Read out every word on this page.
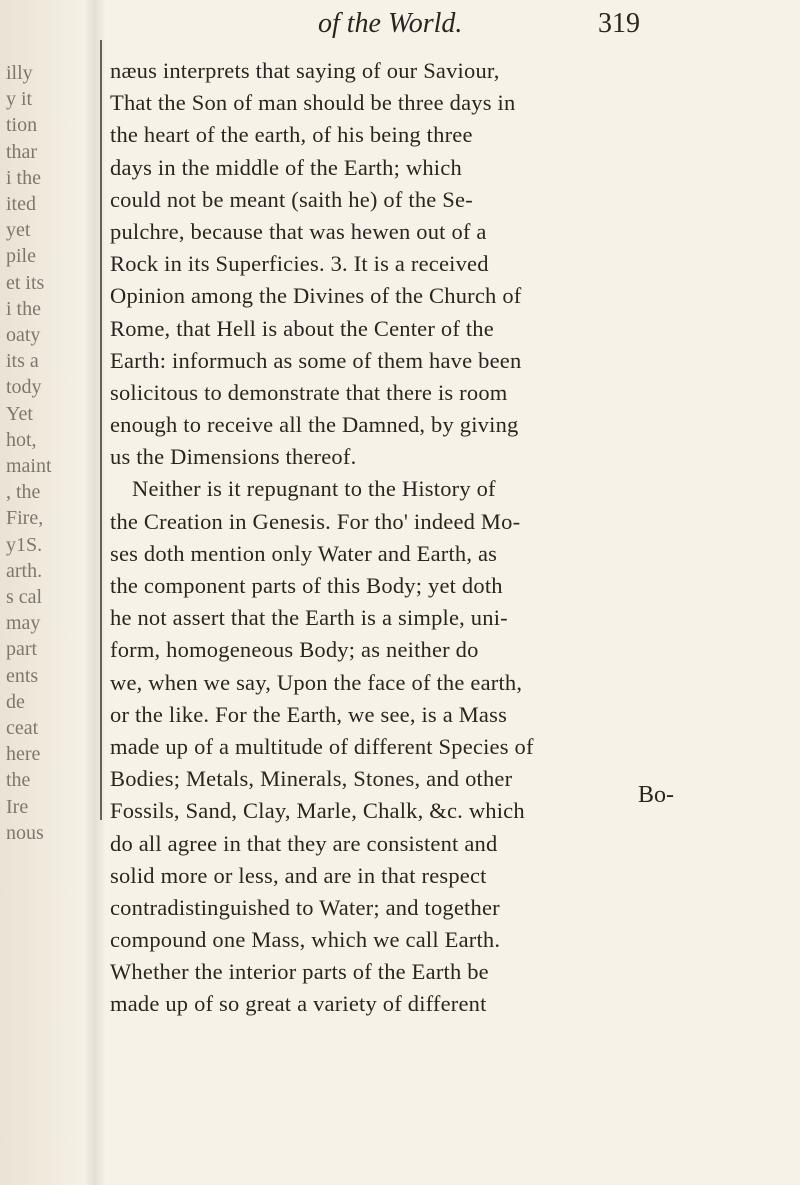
illy
y it
tion
thar
i the
ited
yet
pile
et its
i the
oaty
its a
tody
Yet
hot,
maint
, the
Fire,
y1S.
arth.
s cal
may
part
ents
de
ceat
here
the
Ire
nous
of the World.	319
næus interprets that saying of our Saviour,
That the Son of man should be three days in
the heart of the earth, of his being three
days in the middle of the Earth; which
could not be meant (saith he) of the Se-
pulchre, because that was hewen out of a
Rock in its Superficies. 3. It is a received
Opinion among the Divines of the Church of
Rome, that Hell is about the Center of the
Earth: informuch as some of them have been
solicitous to demonstrate that there is room
enough to receive all the Damned, by giving
us the Dimensions thereof.
Neither is it repugnant to the History of
the Creation in Genesis. For tho' indeed Mo-
ses doth mention only Water and Earth, as
the component parts of this Body; yet doth
he not assert that the Earth is a simple, uni-
form, homogeneous Body; as neither do
we, when we say, Upon the face of the earth,
or the like. For the Earth, we see, is a Mass
made up of a multitude of different Species of
Bodies; Metals, Minerals, Stones, and other
Fossils, Sand, Clay, Marle, Chalk, &c. which
do all agree in that they are consistent and
solid more or less, and are in that respect
contradistinguished to Water; and together
compound one Mass, which we call Earth.
Whether the interior parts of the Earth be
made up of so great a variety of different
Bo-
